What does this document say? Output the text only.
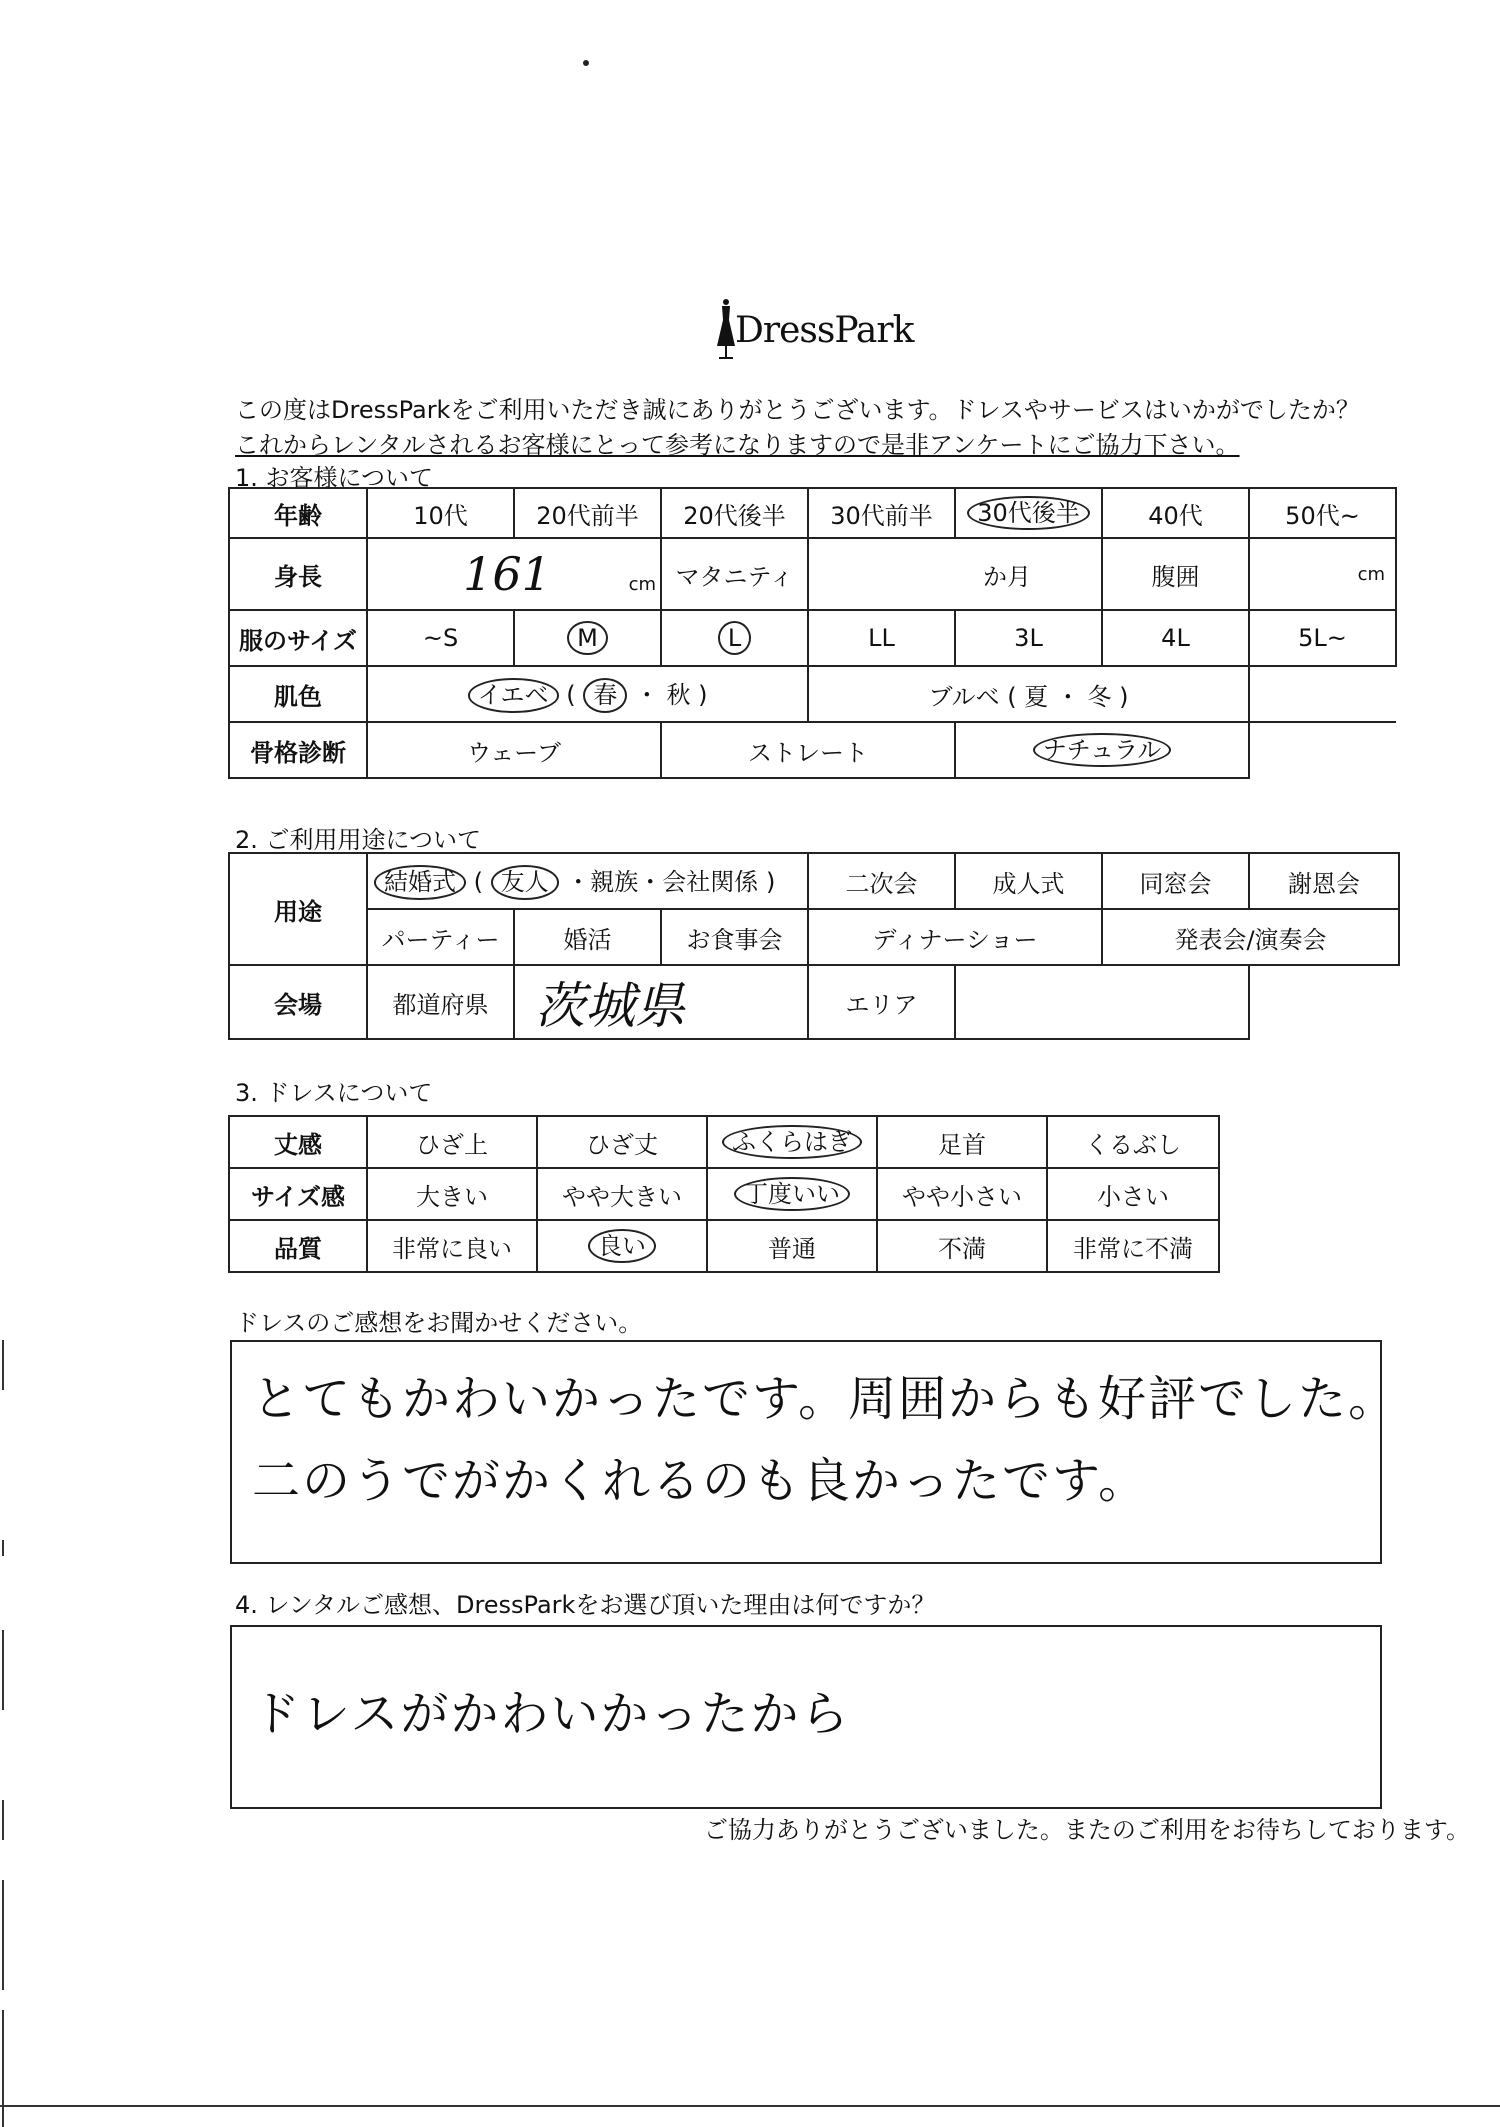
DressPark
この度はDressParkをご利用いただき誠にありがとうございます。ドレスやサービスはいかがでしたか？
これからレンタルされるお客様にとって参考になりますので是非アンケートにご協力下さい。
1. お客様について
年齢	10代	20代前半	20代後半	30代前半	30代後半	40代	50代~
身長	161 cm		マタニティ	か月		腹囲	cm
服のサイズ	~S	M	L	LL	3L	4L	5L~
肌色	イエベ ( 春 ・ 秋 )			ブルベ ( 夏 ・ 冬 )			
骨格診断	ウェーブ		ストレート		ナチュラル		
2. ご利用用途について
用途	結婚式 ( 友人 ・親族・会社関係 )			二次会	成人式	同窓会	謝恩会
	パーティー	婚活	お食事会	ディナーショー		発表会/演奏会	
会場	都道府県	茨城県		エリア			
3. ドレスについて
丈感	ひざ上	ひざ丈	ふくらはぎ	足首	くるぶし
サイズ感	大きい	やや大きい	丁度いい	やや小さい	小さい
品質	非常に良い	良い	普通	不満	非常に不満
ドレスのご感想をお聞かせください。
とてもかわいかったです。周囲からも好評でした。
二のうでがかくれるのも良かったです。
4. レンタルご感想、DressParkをお選び頂いた理由は何ですか？
ドレスがかわいかったから
ご協力ありがとうございました。またのご利用をお待ちしております。
